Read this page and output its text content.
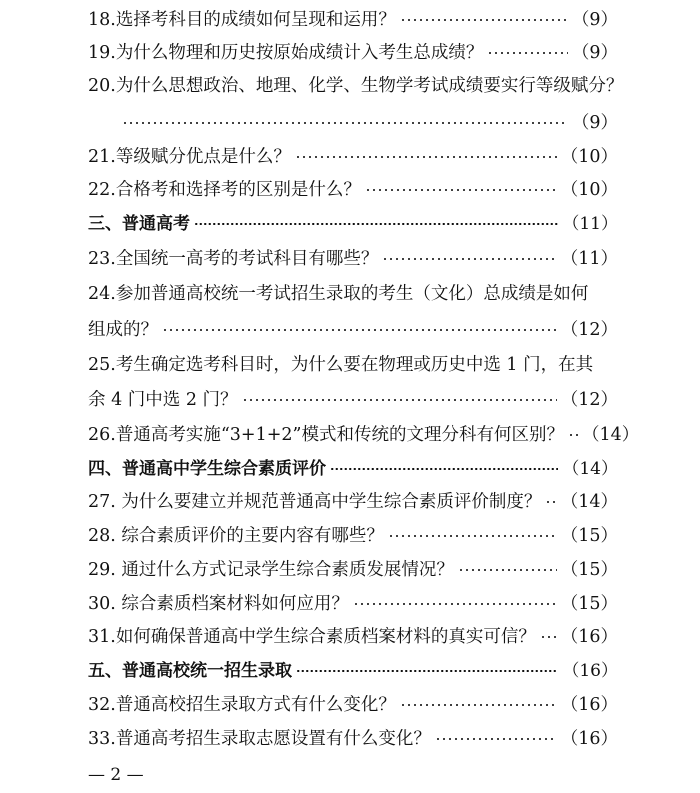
18.选择考科目的成绩如何呈现和运用？	（9）
19.为什么物理和历史按原始成绩计入考生总成绩？	（9）
20.为什么思想政治、地理、化学、生物学考试成绩要实行等级赋分？
（9）
21.等级赋分优点是什么？	（10）
22.合格考和选择考的区别是什么？	（10）
三、普通高考	（11）
23.全国统一高考的考试科目有哪些？	（11）
24.参加普通高校统一考试招生录取的考生（文化）总成绩是如何
组成的？	（12）
25.考生确定选考科目时，为什么要在物理或历史中选 1 门，在其
余 4 门中选 2 门？	（12）
26.普通高考实施“3+1+2”模式和传统的文理分科有何区别？ （14）
四、普通高中学生综合素质评价	（14）
27. 为什么要建立并规范普通高中学生综合素质评价制度？ （14）
28. 综合素质评价的主要内容有哪些？	（15）
29. 通过什么方式记录学生综合素质发展情况？	（15）
30. 综合素质档案材料如何应用？	（15）
31.如何确保普通高中学生综合素质档案材料的真实可信？ （16）
五、普通高校统一招生录取	（16）
32.普通高校招生录取方式有什么变化？	（16）
33.普通高考招生录取志愿设置有什么变化？	（16）
— 2 —
